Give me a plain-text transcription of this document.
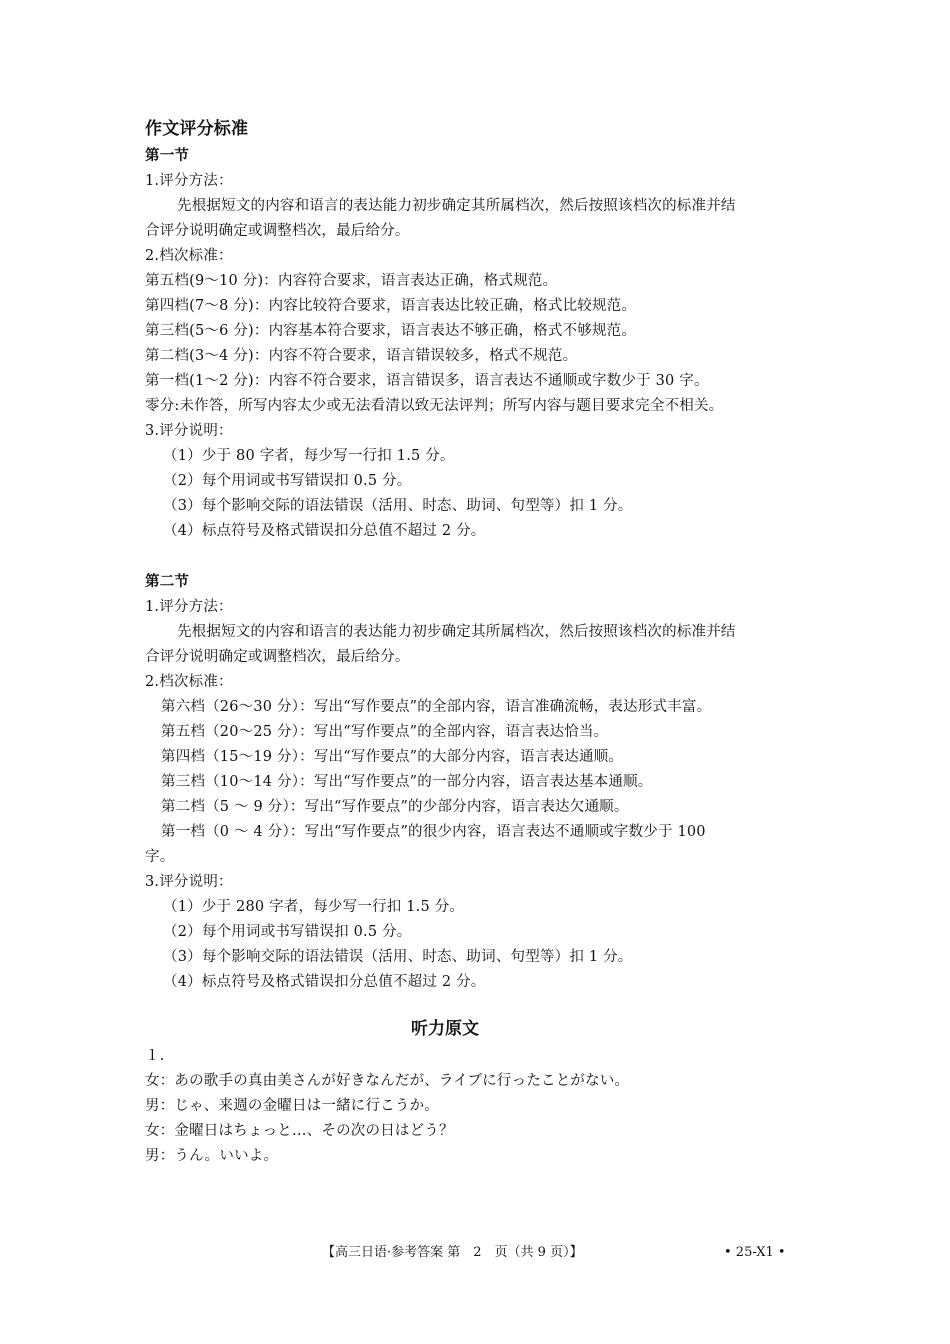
作文评分标准
第一节
1.评分方法：
先根据短文的内容和语言的表达能力初步确定其所属档次，然后按照该档次的标准并结
合评分说明确定或调整档次，最后给分。
2.档次标准：
第五档(9～10 分)：内容符合要求，语言表达正确，格式规范。
第四档(7～8 分)：内容比较符合要求，语言表达比较正确，格式比较规范。
第三档(5～6 分)：内容基本符合要求，语言表达不够正确，格式不够规范。
第二档(3～4 分)：内容不符合要求，语言错误较多，格式不规范。
第一档(1～2 分)：内容不符合要求，语言错误多，语言表达不通顺或字数少于 30 字。
零分:未作答，所写内容太少或无法看清以致无法评判；所写内容与题目要求完全不相关。
3.评分说明：
（1）少于 80 字者，每少写一行扣 1.5 分。
（2）每个用词或书写错误扣 0.5 分。
（3）每个影响交际的语法错误（活用、时态、助词、句型等）扣 1 分。
（4）标点符号及格式错误扣分总值不超过 2 分。
第二节
1.评分方法：
先根据短文的内容和语言的表达能力初步确定其所属档次，然后按照该档次的标准并结
合评分说明确定或调整档次，最后给分。
2.档次标准：
第六档（26～30 分）：写出“写作要点”的全部内容，语言准确流畅，表达形式丰富。
第五档（20～25 分）：写出“写作要点”的全部内容，语言表达恰当。
第四档（15～19 分）：写出“写作要点”的大部分内容，语言表达通顺。
第三档（10～14 分）：写出“写作要点”的一部分内容，语言表达基本通顺。
第二档（5 ～ 9 分）：写出“写作要点”的少部分内容，语言表达欠通顺。
第一档（0 ～ 4 分）：写出“写作要点”的很少内容，语言表达不通顺或字数少于 100
字。
3.评分说明：
（1）少于 280 字者，每少写一行扣 1.5 分。
（2）每个用词或书写错误扣 0.5 分。
（3）每个影响交际的语法错误（活用、时态、助词、句型等）扣 1 分。
（4）标点符号及格式错误扣分总值不超过 2 分。
听力原文
１.
女：あの歌手の真由美さんが好きなんだが、ライブに行ったことがない。
男：じゃ、来週の金曜日は一緒に行こうか。
女：金曜日はちょっと…、その次の日はどう？
男：うん。いいよ。
【高三日语·参考答案 第　2　页（共 9 页）】	• 25-X1 •
